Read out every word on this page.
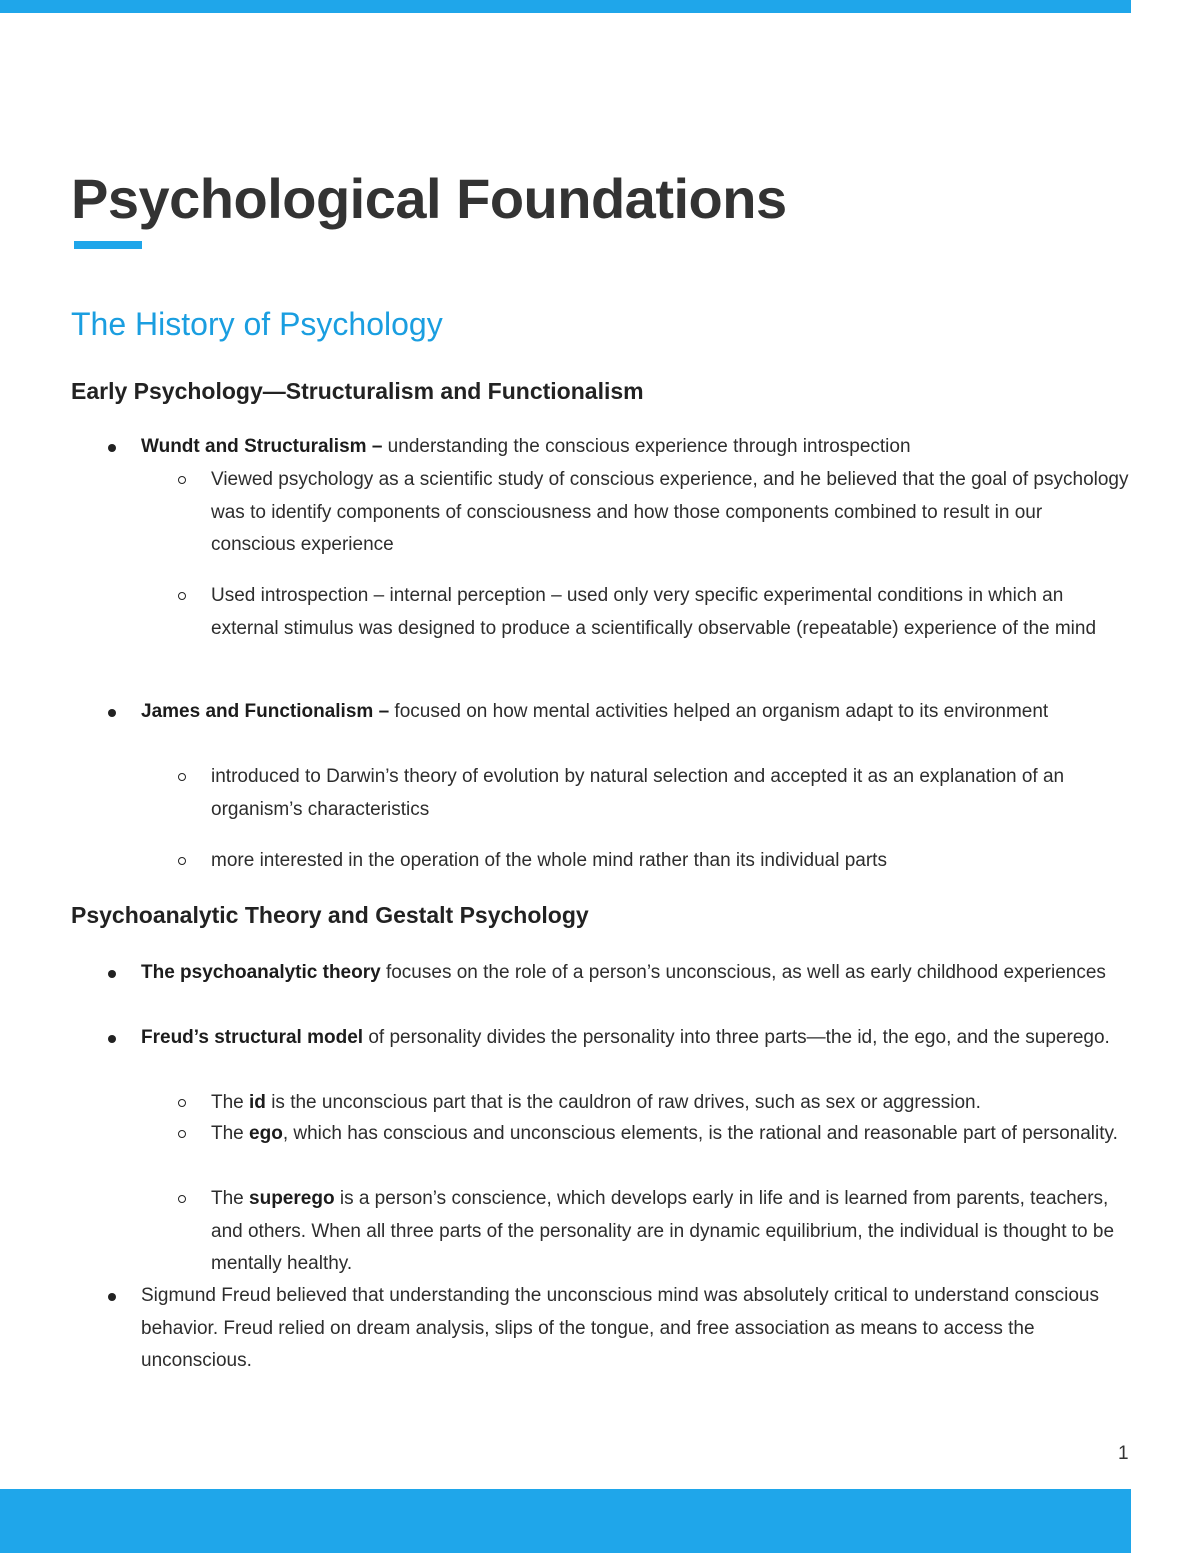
Psychological Foundations
The History of Psychology
Early Psychology—Structuralism and Functionalism
Wundt and Structuralism – understanding the conscious experience through introspection
Viewed psychology as a scientific study of conscious experience, and he believed that the goal of psychology was to identify components of consciousness and how those components combined to result in our conscious experience
Used introspection – internal perception – used only very specific experimental conditions in which an external stimulus was designed to produce a scientifically observable (repeatable) experience of the mind
James and Functionalism – focused on how mental activities helped an organism adapt to its environment
introduced to Darwin’s theory of evolution by natural selection and accepted it as an explanation of an organism’s characteristics
more interested in the operation of the whole mind rather than its individual parts
Psychoanalytic Theory and Gestalt Psychology
The psychoanalytic theory focuses on the role of a person’s unconscious, as well as early childhood experiences
Freud’s structural model of personality divides the personality into three parts—the id, the ego, and the superego.
The id is the unconscious part that is the cauldron of raw drives, such as sex or aggression.
The ego, which has conscious and unconscious elements, is the rational and reasonable part of personality.
The superego is a person’s conscience, which develops early in life and is learned from parents, teachers, and others. When all three parts of the personality are in dynamic equilibrium, the individual is thought to be mentally healthy.
Sigmund Freud believed that understanding the unconscious mind was absolutely critical to understand conscious behavior. Freud relied on dream analysis, slips of the tongue, and free association as means to access the unconscious.
1
